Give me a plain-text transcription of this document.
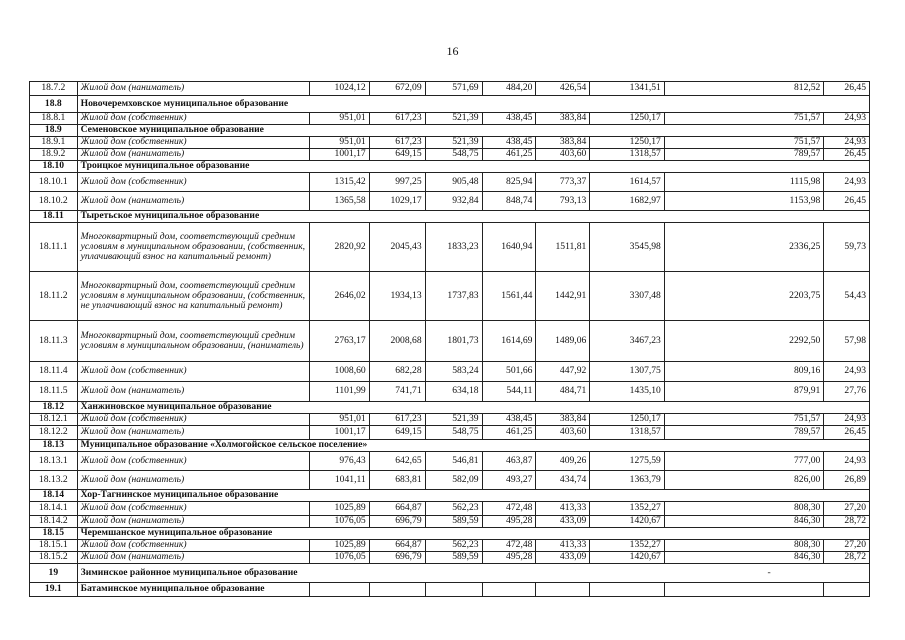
16
18.7.2	Жилой дом (наниматель)	1024,12	672,09	571,69	484,20	426,54	1341,51	812,52	26,45
18.8	Новочеремховское муниципальное образование								
18.8.1	Жилой дом (собственник)	951,01	617,23	521,39	438,45	383,84	1250,17	751,57	24,93
18.9	Семеновское муниципальное образование								
18.9.1	Жилой дом (собственник)	951,01	617,23	521,39	438,45	383,84	1250,17	751,57	24,93
18.9.2	Жилой дом (наниматель)	1001,17	649,15	548,75	461,25	403,60	1318,57	789,57	26,45
18.10	Троицкое муниципальное образование								
18.10.1	Жилой дом (собственник)	1315,42	997,25	905,48	825,94	773,37	1614,57	1115,98	24,93
18.10.2	Жилой дом (наниматель)	1365,58	1029,17	932,84	848,74	793,13	1682,97	1153,98	26,45
18.11	Тыретьское муниципальное образование								
18.11.1	Многоквартирный дом, соответствующий средним условиям в муниципальном образовании, (собственник, уплачивающий взнос на капитальный ремонт)	2820,92	2045,43	1833,23	1640,94	1511,81	3545,98	2336,25	59,73
18.11.2	Многоквартирный дом, соответствующий средним условиям в муниципальном образовании, (собственник, не уплачивающий взнос на капитальный ремонт)	2646,02	1934,13	1737,83	1561,44	1442,91	3307,48	2203,75	54,43
18.11.3	Многоквартирный дом, соответствующий средним условиям в муниципальном образовании, (наниматель)	2763,17	2008,68	1801,73	1614,69	1489,06	3467,23	2292,50	57,98
18.11.4	Жилой дом (собственник)	1008,60	682,28	583,24	501,66	447,92	1307,75	809,16	24,93
18.11.5	Жилой дом (наниматель)	1101,99	741,71	634,18	544,11	484,71	1435,10	879,91	27,76
18.12	Ханжиновское муниципальное образование								
18.12.1	Жилой дом (собственник)	951,01	617,23	521,39	438,45	383,84	1250,17	751,57	24,93
18.12.2	Жилой дом (наниматель)	1001,17	649,15	548,75	461,25	403,60	1318,57	789,57	26,45
18.13	Муниципальное образование «Холмогойское сельское поселение»								
18.13.1	Жилой дом (собственник)	976,43	642,65	546,81	463,87	409,26	1275,59	777,00	24,93
18.13.2	Жилой дом (наниматель)	1041,11	683,81	582,09	493,27	434,74	1363,79	826,00	26,89
18.14	Хор-Тагнинское муниципальное образование								
18.14.1	Жилой дом (собственник)	1025,89	664,87	562,23	472,48	413,33	1352,27	808,30	27,20
18.14.2	Жилой дом (наниматель)	1076,05	696,79	589,59	495,28	433,09	1420,67	846,30	28,72
18.15	Черемшанское муниципальное образование								
18.15.1	Жилой дом (собственник)	1025,89	664,87	562,23	472,48	413,33	1352,27	808,30	27,20
18.15.2	Жилой дом (наниматель)	1076,05	696,79	589,59	495,28	433,09	1420,67	846,30	28,72
19	Зиминское районное муниципальное образование -								

19.1	Батаминское муниципальное образование								
